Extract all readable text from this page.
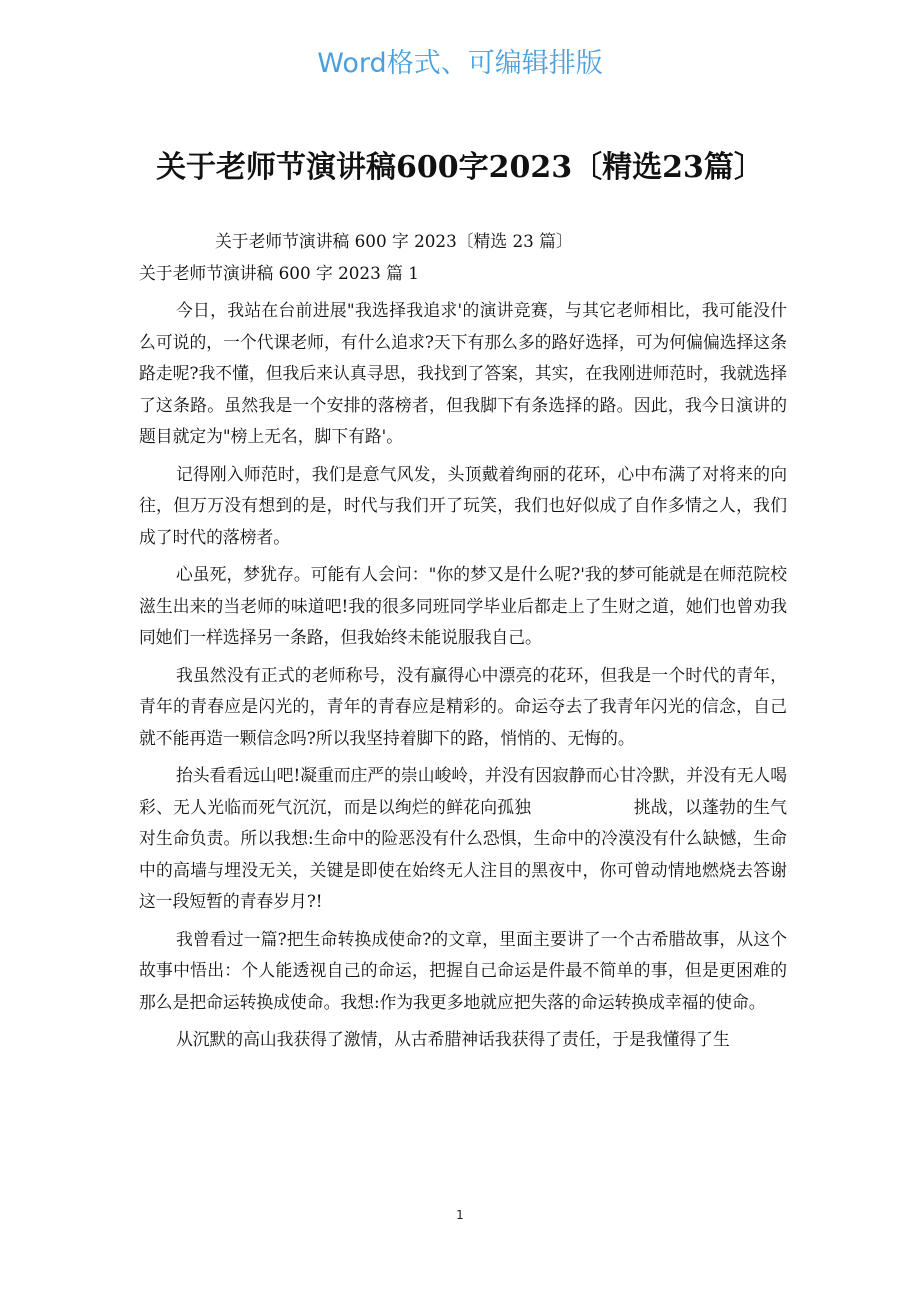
Word格式、可编辑排版
关于老师节演讲稿600字2023〔精选23篇〕
关于老师节演讲稿 600 字 2023〔精选 23 篇〕
关于老师节演讲稿 600 字 2023 篇 1

今日，我站在台前进展"我选择我追求'的演讲竞赛，与其它老师相比，我可能没什么可说的，一个代课老师，有什么追求?天下有那么多的路好选择，可为何偏偏选择这条路走呢?我不懂，但我后来认真寻思，我找到了答案，其实，在我刚进师范时，我就选择了这条路。虽然我是一个安排的落榜者，但我脚下有条选择的路。因此，我今日演讲的题目就定为"榜上无名，脚下有路'。

记得刚入师范时，我们是意气风发，头顶戴着绚丽的花环，心中布满了对将来的向往，但万万没有想到的是，时代与我们开了玩笑，我们也好似成了自作多情之人，我们成了时代的落榜者。

心虽死，梦犹存。可能有人会问："你的梦又是什么呢?'我的梦可能就是在师范院校滋生出来的当老师的味道吧!我的很多同班同学毕业后都走上了生财之道，她们也曾劝我同她们一样选择另一条路，但我始终未能说服我自己。

我虽然没有正式的老师称号，没有赢得心中漂亮的花环，但我是一个时代的青年，青年的青春应是闪光的，青年的青春应是精彩的。命运夺去了我青年闪光的信念，自己就不能再造一颗信念吗?所以我坚持着脚下的路，悄悄的、无悔的。

抬头看看远山吧!凝重而庄严的崇山峻岭，并没有因寂静而心甘冷默，并没有无人喝彩、无人光临而死气沉沉，而是以绚烂的鲜花向孤独　　　　　　挑战，以蓬勃的生气对生命负责。所以我想:生命中的险恶没有什么恐惧，生命中的冷漠没有什么缺憾，生命中的高墙与埋没无关，关键是即使在始终无人注目的黑夜中，你可曾动情地燃烧去答谢这一段短暂的青春岁月?!

我曾看过一篇?把生命转换成使命?的文章，里面主要讲了一个古希腊故事，从这个故事中悟出：个人能透视自己的命运，把握自己命运是件最不简单的事，但是更困难的那么是把命运转换成使命。我想:作为我更多地就应把失落的命运转换成幸福的使命。

从沉默的高山我获得了激情，从古希腊神话我获得了责任，于是我懂得了生

1
